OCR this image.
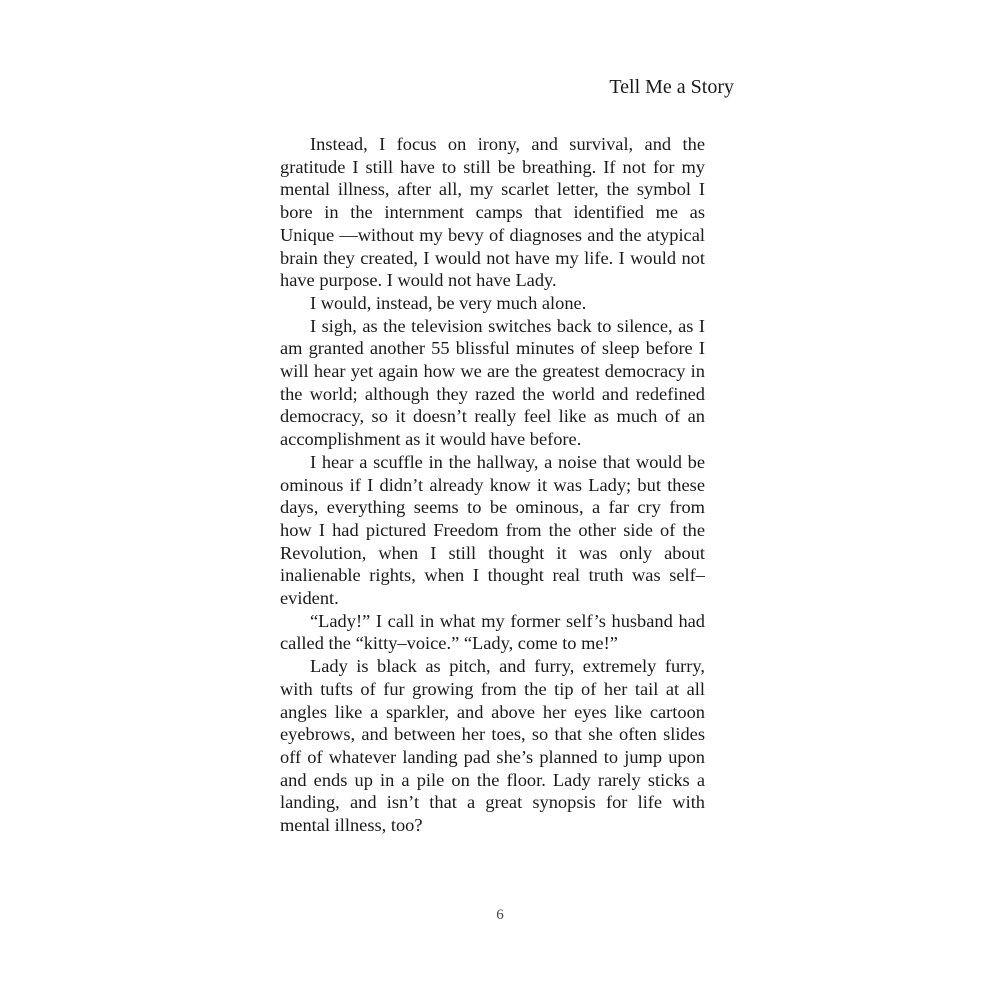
Tell Me a Story

Instead, I focus on irony, and survival, and the gratitude I still have to still be breathing. If not for my mental illness, after all, my scarlet letter, the symbol I bore in the internment camps that identified me as Unique —without my bevy of diagnoses and the atypical brain they created, I would not have my life. I would not have purpose. I would not have Lady.

I would, instead, be very much alone.

I sigh, as the television switches back to silence, as I am granted another 55 blissful minutes of sleep before I will hear yet again how we are the greatest democracy in the world; although they razed the world and redefined democracy, so it doesn’t really feel like as much of an accomplishment as it would have before.

I hear a scuffle in the hallway, a noise that would be ominous if I didn’t already know it was Lady; but these days, everything seems to be ominous, a far cry from how I had pictured Freedom from the other side of the Revolution, when I still thought it was only about inalienable rights, when I thought real truth was self–evident.

“Lady!” I call in what my former self’s husband had called the “kitty–voice.” “Lady, come to me!”

Lady is black as pitch, and furry, extremely furry, with tufts of fur growing from the tip of her tail at all angles like a sparkler, and above her eyes like cartoon eyebrows, and between her toes, so that she often slides off of whatever landing pad she’s planned to jump upon and ends up in a pile on the floor. Lady rarely sticks a landing, and isn’t that a great synopsis for life with mental illness, too?

6
